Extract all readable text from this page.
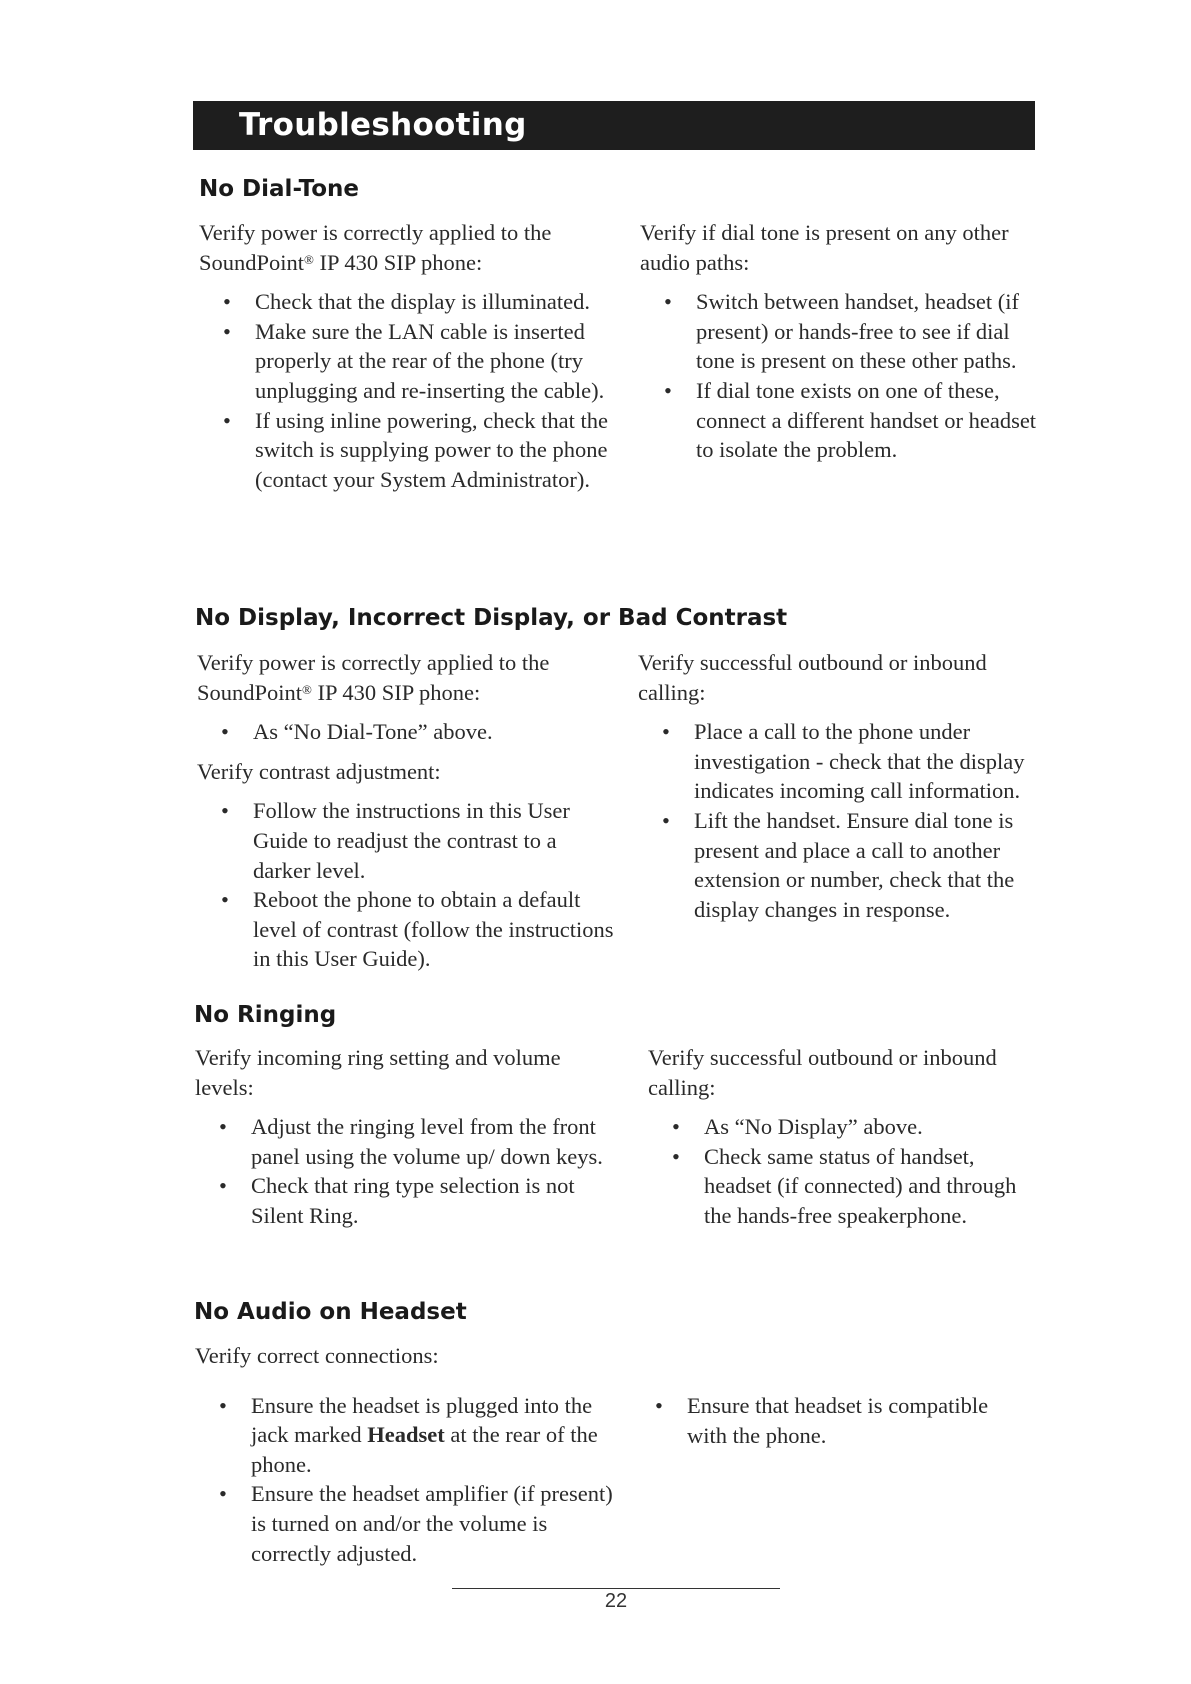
Troubleshooting
No Dial-Tone

Verify power is correctly applied to the
SoundPoint® IP 430 SIP phone:

• Check that the display is illuminated.
• Make sure the LAN cable is inserted properly at the rear of the phone (try unplugging and re-inserting the cable).
• If using inline powering, check that the switch is supplying power to the phone (contact your System Administrator).

Verify if dial tone is present on any other audio paths:

• Switch between handset, headset (if present) or hands-free to see if dial tone is present on these other paths.
• If dial tone exists on one of these, connect a different handset or headset to isolate the problem.
No Display, Incorrect Display, or Bad Contrast

Verify power is correctly applied to the
SoundPoint® IP 430 SIP phone:

• As “No Dial-Tone” above.

Verify contrast adjustment:

• Follow the instructions in this User Guide to readjust the contrast to a darker level.
• Reboot the phone to obtain a default level of contrast (follow the instructions in this User Guide).

Verify successful outbound or inbound calling:

• Place a call to the phone under investigation - check that the display indicates incoming call information.
• Lift the handset. Ensure dial tone is present and place a call to another extension or number, check that the display changes in response.
No Ringing

Verify incoming ring setting and volume levels:

• Adjust the ringing level from the front panel using the volume up/ down keys.
• Check that ring type selection is not Silent Ring.

Verify successful outbound or inbound calling:

• As “No Display” above.
• Check same status of handset, headset (if connected) and through the hands-free speakerphone.
No Audio on Headset

Verify correct connections:

• Ensure the headset is plugged into the jack marked Headset at the rear of the phone.
• Ensure the headset amplifier (if present) is turned on and/or the volume is correctly adjusted.
• Ensure that headset is compatible with the phone.
22
